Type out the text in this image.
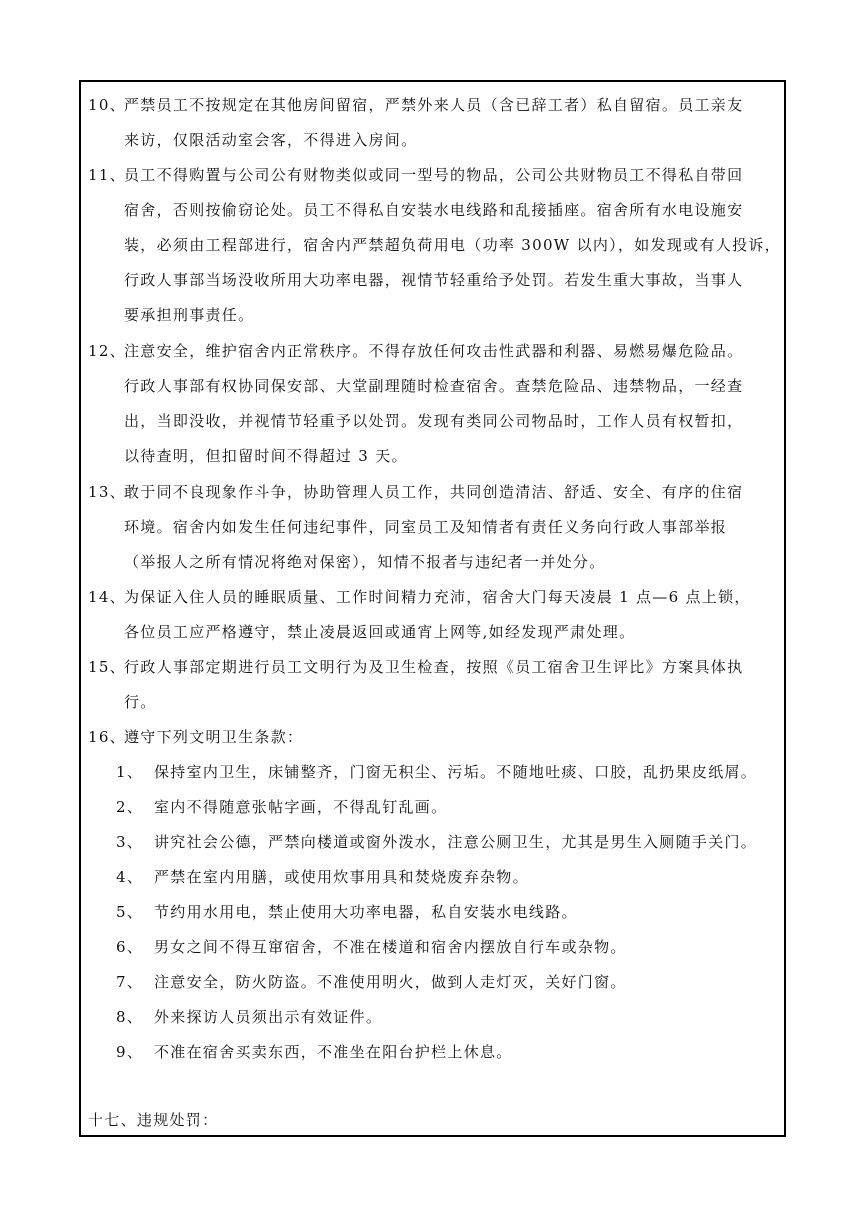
10、
严禁员工不按规定在其他房间留宿，严禁外来人员（含已辞工者）私自留宿。员工亲友
来访，仅限活动室会客，不得进入房间。
11、
员工不得购置与公司公有财物类似或同一型号的物品，公司公共财物员工不得私自带回
宿舍，否则按偷窃论处。员工不得私自安装水电线路和乱接插座。宿舍所有水电设施安
装，必须由工程部进行，宿舍内严禁超负荷用电（功率 300W 以内），如发现或有人投诉，
行政人事部当场没收所用大功率电器，视情节轻重给予处罚。若发生重大事故，当事人
要承担刑事责任。
12、
注意安全，维护宿舍内正常秩序。不得存放任何攻击性武器和利器、易燃易爆危险品。
行政人事部有权协同保安部、大堂副理随时检查宿舍。查禁危险品、违禁物品，一经查
出，当即没收，并视情节轻重予以处罚。发现有类同公司物品时，工作人员有权暂扣，
以待查明，但扣留时间不得超过 3 天。
13、
敢于同不良现象作斗争，协助管理人员工作，共同创造清洁、舒适、安全、有序的住宿
环境。宿舍内如发生任何违纪事件，同室员工及知情者有责任义务向行政人事部举报
（举报人之所有情况将绝对保密），知情不报者与违纪者一并处分。
14、
为保证入住人员的睡眠质量、工作时间精力充沛，宿舍大门每天凌晨 1 点—6 点上锁，
各位员工应严格遵守，禁止凌晨返回或通宵上网等,如经发现严肃处理。
15、
行政人事部定期进行员工文明行为及卫生检查，按照《员工宿舍卫生评比》方案具体执
行。
16、
遵守下列文明卫生条款：
1、 保持室内卫生，床铺整齐，门窗无积尘、污垢。不随地吐痰、口胶，乱扔果皮纸屑。
2、 室内不得随意张帖字画，不得乱钉乱画。
3、 讲究社会公德，严禁向楼道或窗外泼水，注意公厕卫生，尤其是男生入厕随手关门。
4、 严禁在室内用膳，或使用炊事用具和焚烧废弃杂物。
5、 节约用水用电，禁止使用大功率电器，私自安装水电线路。
6、 男女之间不得互窜宿舍，不准在楼道和宿舍内摆放自行车或杂物。
7、 注意安全，防火防盗。不准使用明火，做到人走灯灭，关好门窗。
8、 外来探访人员须出示有效证件。
9、 不准在宿舍买卖东西，不准坐在阳台护栏上休息。
十七、违规处罚：
